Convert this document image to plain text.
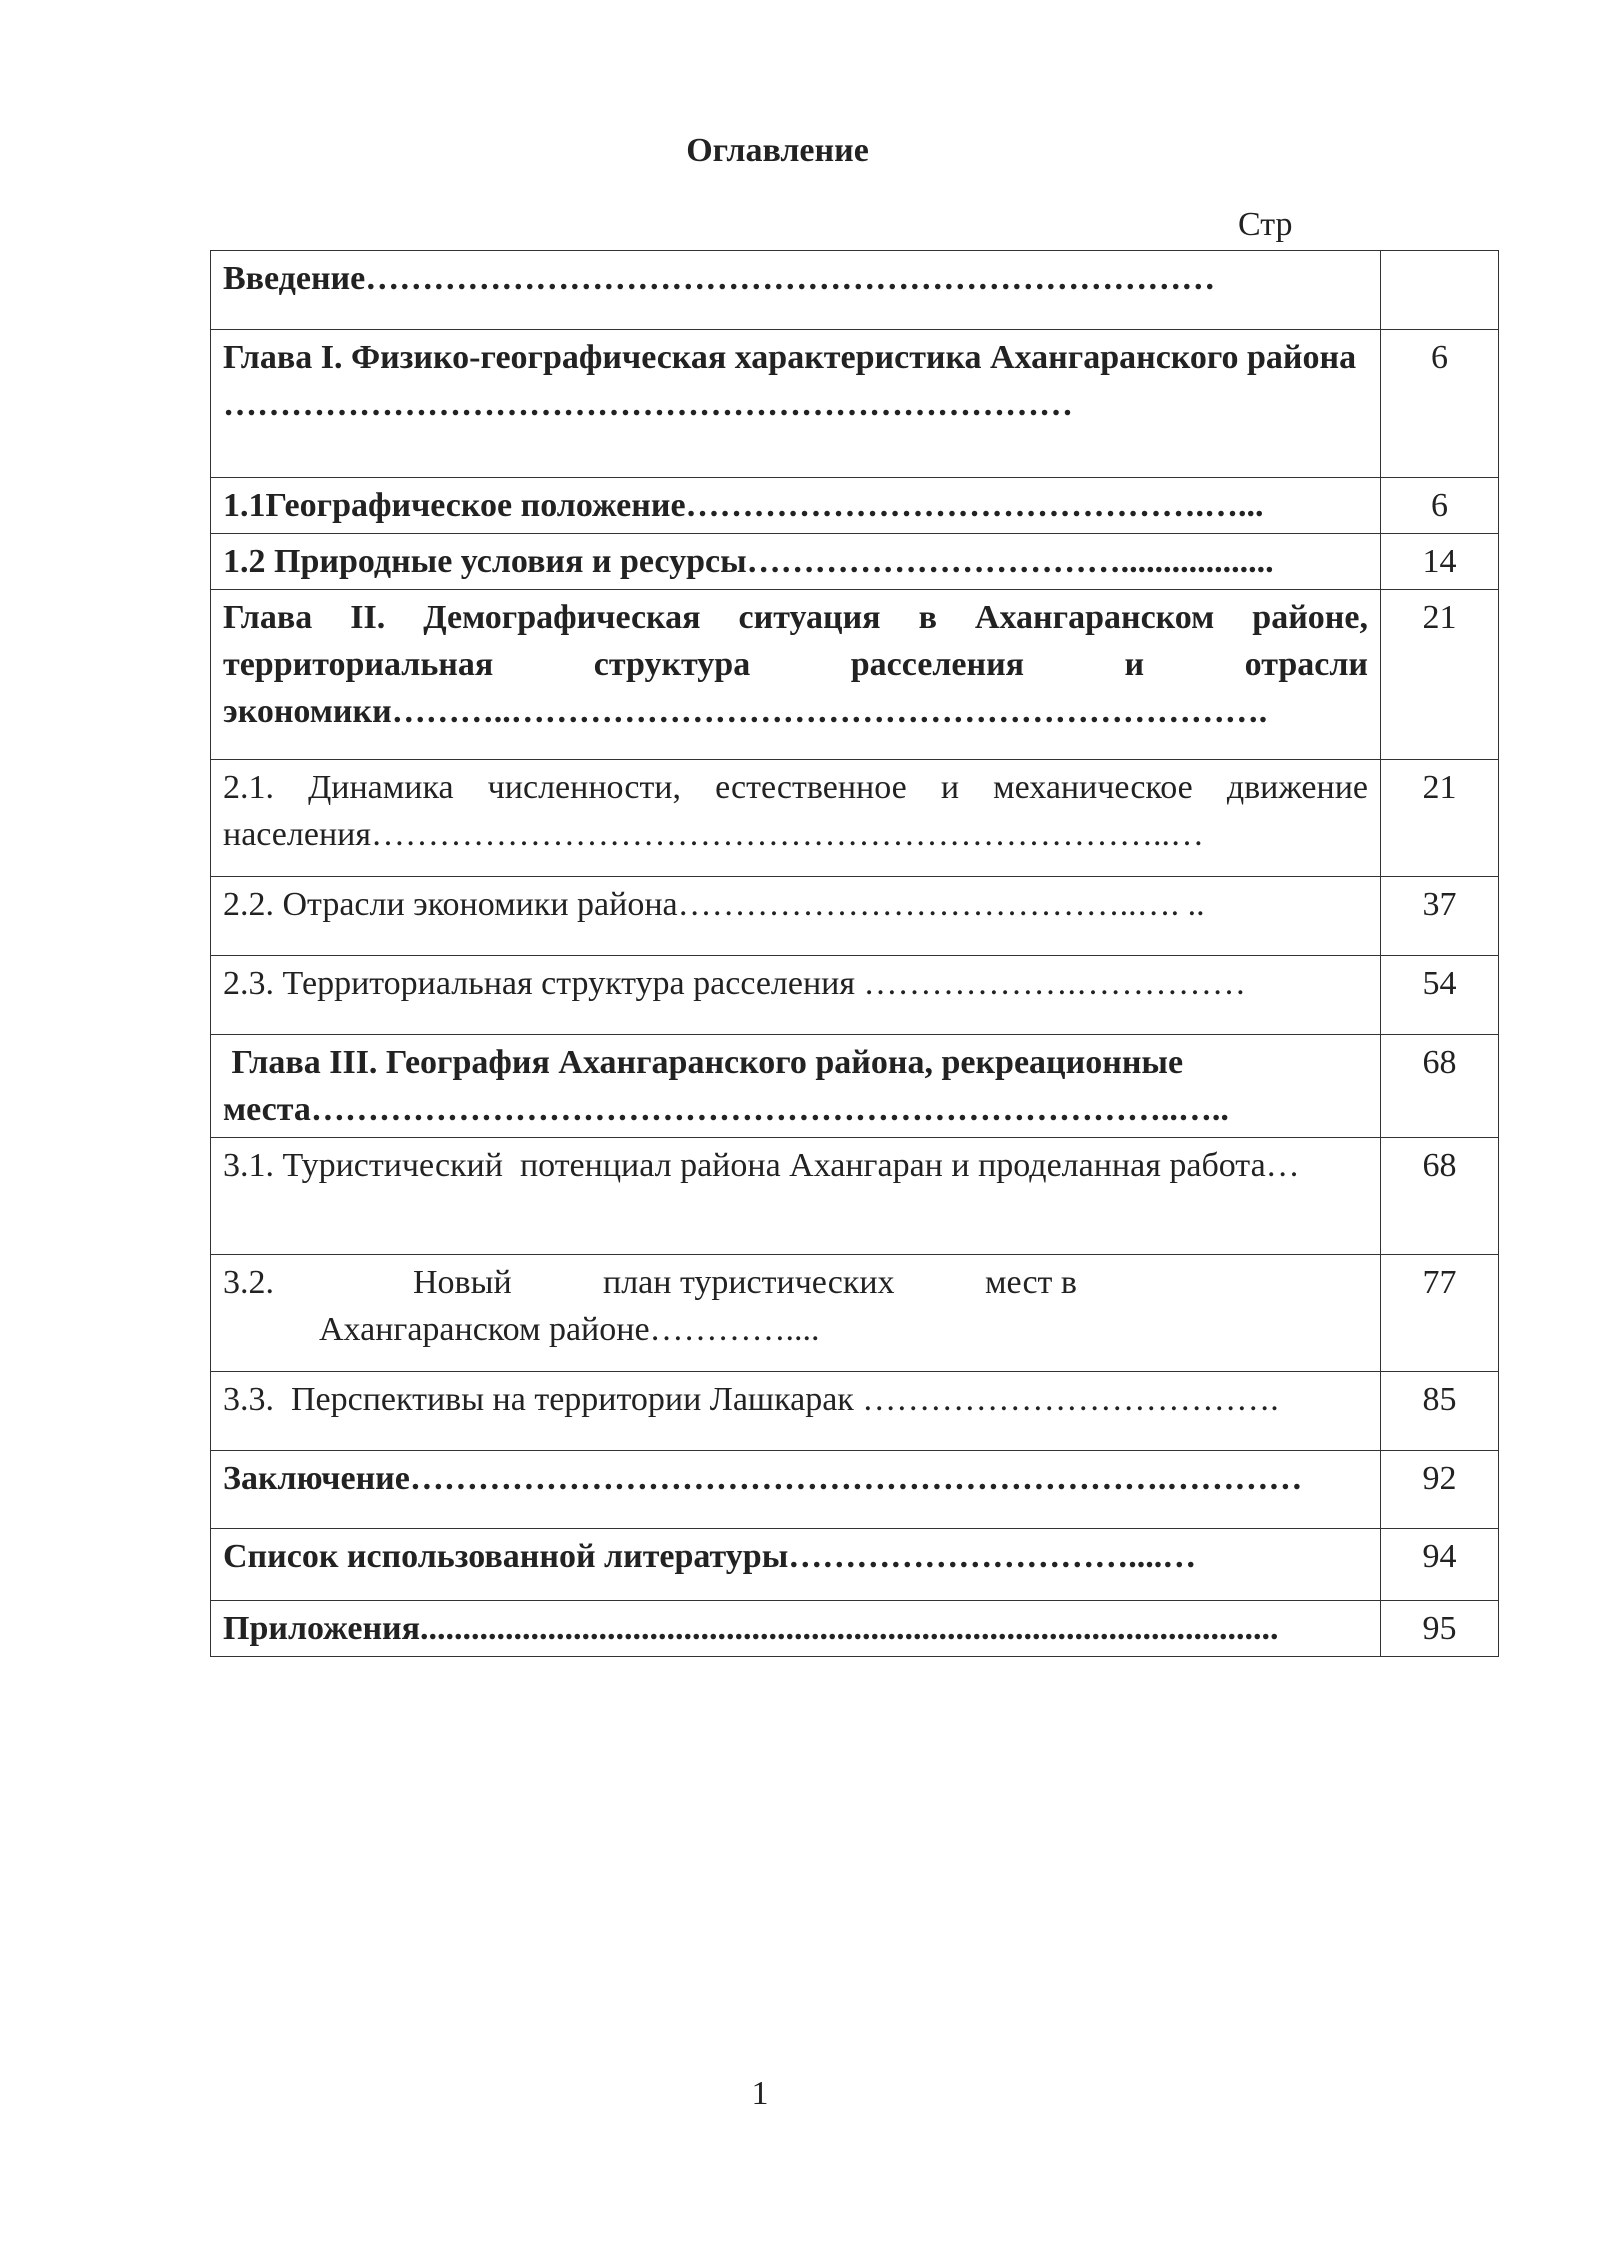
Оглавление
Стр
Введение…………………………………………………………………	
Глава I. Физико-географическая характеристика Ахангаранского района …………………………………………………………………	6
1.1Географическое положение……………………………………….…...	6
1.2 Природные условия и ресурсы……………………………..................	14
Глава II. Демографическая ситуация в Ахангаранском районе, территориальная структура расселения и отрасли экономики………..………………………………………………………….	21
2.1. Динамика численности, естественное и механическое движение населения……………………………………………………………..…	21
2.2. Отрасли экономики района…………………………………..…. ..	37
2.3. Территориальная структура расселения ……………….……………	54
Глава III. География Ахангаранского района, рекреационные места…………………………………………………………………..…..	68
3.1. Туристический  потенциал района Ахангаран и проделанная работа…	68

3.2. Новый план туристических мест в
Ахангаранском районе…………....	77
3.3.  Перспективы на территории Лашкарак ……………………………….	85
Заключение………………………………………………………….…………	92
Список использованной литературы…………………………....…	94
Приложения.....................................................................................................	95
1
